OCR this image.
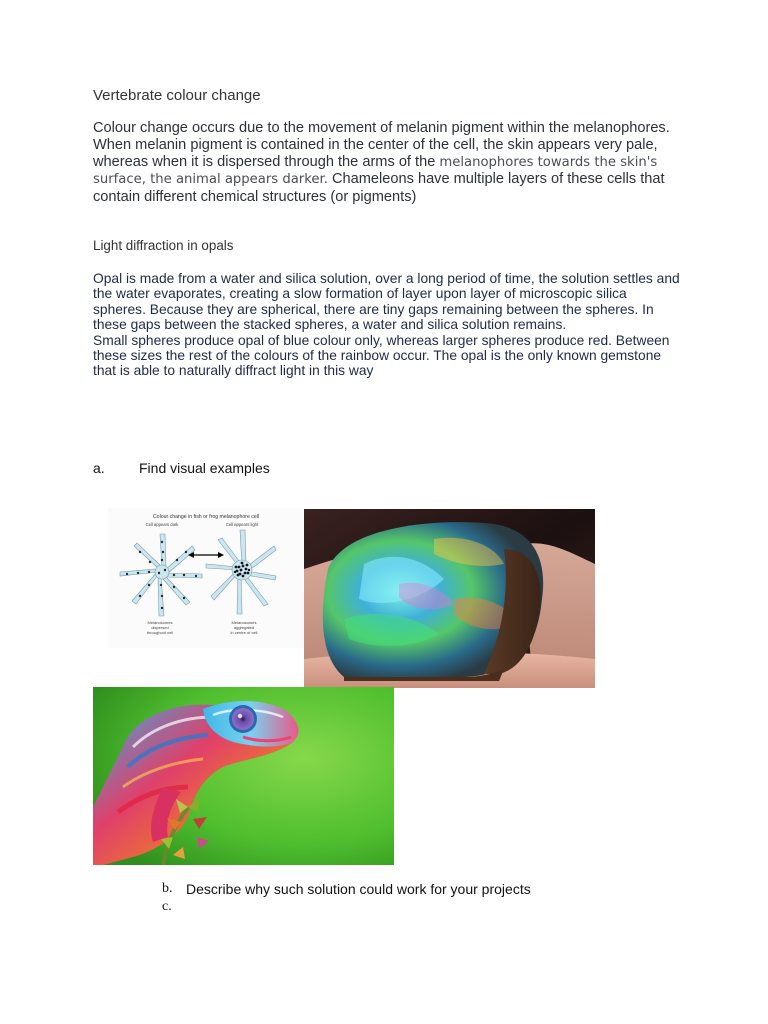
Vertebrate colour change
Colour change occurs due to the movement of melanin pigment within the melanophores. When melanin pigment is contained in the center of the cell, the skin appears very pale, whereas when it is dispersed through the arms of the melanophores towards the skin's surface, the animal appears darker. Chameleons have multiple layers of these cells that contain different chemical structures (or pigments)
Light diffraction in opals

Opal is made from a water and silica solution, over a long period of time, the solution settles and the water evaporates, creating a slow formation of layer upon layer of microscopic silica spheres. Because they are spherical, there are tiny gaps remaining between the spheres. In these gaps between the stacked spheres, a water and silica solution remains.

Small spheres produce opal of blue colour only, whereas larger spheres produce red. Between these sizes the rest of the colours of the rainbow occur. The opal is the only known gemstone that is able to naturally diffract light in this way

a. Find visual examples
Colour change in fish or frog melanophore cell
Cell appears dark	Cell appears light
Melanosomes
dispersed
throughout cell
Melanosomes
aggregated
in centre of cell
b. Describe why such solution could work for your projects
c.
